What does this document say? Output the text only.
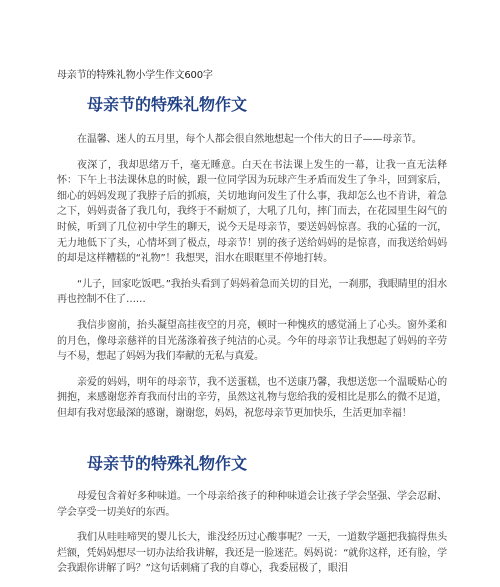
母亲节的特殊礼物小学生作文600字
母亲节的特殊礼物作文

在温馨、迷人的五月里，每个人都会很自然地想起一个伟大的日子——母亲节。

夜深了，我却思绪万千，毫无睡意。白天在书法课上发生的一幕，让我一直无法释怀：下午上书法课休息的时候，跟一位同学因为玩球产生矛盾而发生了争斗，回到家后，细心的妈妈发现了我脖子后的抓痕，关切地询问发生了什么事，我却怎么也不肯讲，着急之下，妈妈责备了我几句，我终于不耐烦了，大吼了几句，摔门而去，在花园里生闷气的时候，听到了几位初中学生的聊天，说今天是母亲节，要送妈妈惊喜。我的心猛的一沉，无力地低下了头，心情坏到了极点，母亲节！别的孩子送给妈妈的是惊喜，而我送给妈妈的却是这样糟糕的“礼物”！我想哭，泪水在眼眶里不停地打转。

“儿子，回家吃饭吧。”我抬头看到了妈妈着急而关切的目光，一刹那，我眼睛里的泪水再也控制不住了……

我信步窗前，抬头凝望高挂夜空的月亮，顿时一种愧疚的感觉涌上了心头。窗外柔和的月色，像母亲慈祥的目光荡涤着孩子纯洁的心灵。今年的母亲节让我想起了妈妈的辛劳与不易，想起了妈妈为我们奉献的无私与真爱。

亲爱的妈妈，明年的母亲节，我不送蛋糕，也不送康乃馨，我想送您一个温暖贴心的拥抱，来感谢您养育我而付出的辛劳，虽然这礼物与您给我的爱相比是那么的微不足道，但却有我对您最深的感谢，谢谢您，妈妈，祝您母亲节更加快乐，生活更加幸福！

母亲节的特殊礼物作文

母爱包含着好多种味道。一个母亲给孩子的种种味道会让孩子学会坚强、学会忍耐、学会享受一切美好的东西。

我们从哇哇啼哭的婴儿长大，谁没经历过心酸事呢？一天，一道数学题把我搞得焦头烂额，凭妈妈想尽一切办法给我讲解，我还是一脸迷茫。妈妈说：“就你这样，还有脸，学会我跟你讲解了吗？”这句话刺痛了我的自尊心，我委屈极了，眼泪
